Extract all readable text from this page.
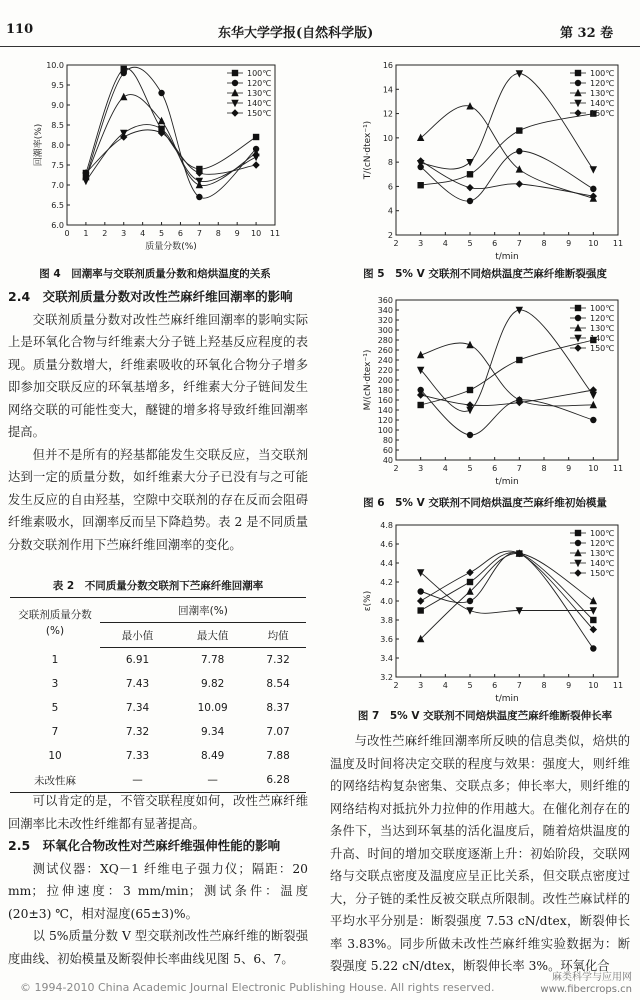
110	东华大学学报(自然科学版)	第 32 卷
0 1 2 3 4 5 6 7 8 9 10 11
6.0
6.5
7.0
7.5
8.0
8.5
9.0
9.5
10.0
质量分数(%)
回潮率(%)
100℃
120℃
130℃
140℃
150℃
图 4　回潮率与交联剂质量分数和焙烘温度的关系
2 3 4 5 6 7 8 9 10 11
2
4
6
8
10
12
14
16
t/min
T/(cN·dtex⁻¹)
100℃
120℃
130℃
140℃
150℃
图 5　5% V 交联剂不同焙烘温度苎麻纤维断裂强度
2 3 4 5 6 7 8 9 10 11
40
60
80
100
120
140
160
180
200
220
240
260
280
300
320
340
360
t/min
M/(cN·dtex⁻¹)
100℃
120℃
130℃
140℃
150℃
图 6　5% V 交联剂不同焙烘温度苎麻纤维初始模量
2 3 4 5 6 7 8 9 10 11
3.2
3.4
3.6
3.8
4.0
4.2
4.4
4.6
4.8
t/min
ε(%)
100℃
120℃
130℃
140℃
150℃
图 7　5% V 交联剂不同焙烘温度苎麻纤维断裂伸长率

2.4　交联剂质量分数对改性苎麻纤维回潮率的影响

交联剂质量分数对改性苎麻纤维回潮率的影响实际上是环氧化合物与纤维素大分子链上羟基反应程度的表现。质量分数增大，纤维素吸收的环氧化合物分子增多即参加交联反应的环氧基增多，纤维素大分子链间发生网络交联的可能性变大，醚键的增多将导致纤维回潮率提高。

但并不是所有的羟基都能发生交联反应，当交联剂达到一定的质量分数，如纤维素大分子已没有与之可能发生反应的自由羟基，空隙中交联剂的存在反而会阻碍纤维素吸水，回潮率反而呈下降趋势。表 2 是不同质量分数交联剂作用下苎麻纤维回潮率的变化。

表 2　不同质量分数交联剂下苎麻纤维回潮率
交联剂质量分数(%)	回潮率(%)		
	最小值	最大值	均值
1	6.91	7.78	7.32
3	7.43	9.82	8.54
5	7.34	10.09	8.37
7	7.32	9.34	7.07
10	7.33	8.49	7.88
未改性麻	—	—	6.28

可以肯定的是，不管交联程度如何，改性苎麻纤维回潮率比未改性纤维都有显著提高。

2.5　环氧化合物改性对苎麻纤维强伸性能的影响

测试仪器：XQ－1 纤维电子强力仪；隔距：20 mm；拉伸速度：3 mm/min；测试条件：温度(20±3) ℃，相对湿度(65±3)%。

以 5%质量分数 V 型交联剂改性苎麻纤维的断裂强度曲线、初始模量及断裂伸长率曲线见图 5、6、7。

与改性苎麻纤维回潮率所反映的信息类似，焙烘的温度及时间将决定交联的程度与效果：强度大，则纤维的网络结构复杂密集、交联点多；伸长率大，则纤维的网络结构对抵抗外力拉伸的作用越大。在催化剂存在的条件下，当达到环氧基的活化温度后，随着焙烘温度的升高、时间的增加交联度逐渐上升：初始阶段，交联网络与交联点密度及温度应呈正比关系，但交联点密度过大，分子链的柔性反被交联点所限制。改性苎麻试样的平均水平分别是：断裂强度 7.53 cN/dtex，断裂伸长率 3.83%。同步所做未改性苎麻纤维实验数据为：断裂强度 5.22 cN/dtex，断裂伸长率 3%。环氧化合

© 1994-2010 China Academic Journal Electronic Publishing House. All rights reserved.
麻类科学与应用网 www.fibercrops.cn
